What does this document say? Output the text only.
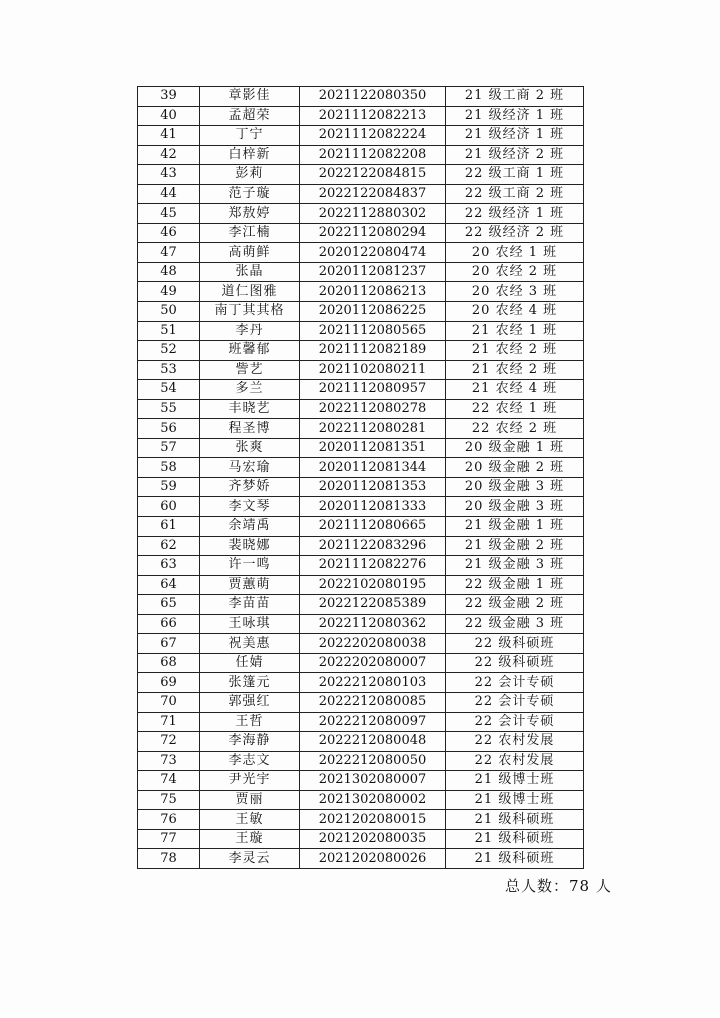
39	章影佳	2021122080350	21 级工商 2 班
40	孟超荣	2021112082213	21 级经济 1 班
41	丁宁	2021112082224	21 级经济 1 班
42	白梓新	2021112082208	21 级经济 2 班
43	彭莉	2022122084815	22 级工商 1 班
44	范子璇	2022122084837	22 级工商 2 班
45	郑敖婷	2022112880302	22 级经济 1 班
46	李江楠	2022112080294	22 级经济 2 班
47	高萌鲜	2020122080474	20 农经 1 班
48	张晶	2020112081237	20 农经 2 班
49	道仁图雅	2020112086213	20 农经 3 班
50	南丁其其格	2020112086225	20 农经 4 班
51	李丹	2021112080565	21 农经 1 班
52	班馨郁	2021112082189	21 农经 2 班
53	訾艺	2021102080211	21 农经 2 班
54	多兰	2021112080957	21 农经 4 班
55	丰晓艺	2022112080278	22 农经 1 班
56	程圣博	2022112080281	22 农经 2 班
57	张爽	2020112081351	20 级金融 1 班
58	马宏瑜	2020112081344	20 级金融 2 班
59	齐梦娇	2020112081353	20 级金融 3 班
60	李文琴	2020112081333	20 级金融 3 班
61	余靖禹	2021112080665	21 级金融 1 班
62	裴晓娜	2021122083296	21 级金融 2 班
63	许一鸣	2021112082276	21 级金融 3 班
64	贾蕙萌	2022102080195	22 级金融 1 班
65	李苗苗	2022122085389	22 级金融 2 班
66	王咏琪	2022112080362	22 级金融 3 班
67	祝美惠	2022202080038	22 级科硕班
68	任婧	2022202080007	22 级科硕班
69	张篷元	2022212080103	22 会计专硕
70	郭强红	2022212080085	22 会计专硕
71	王哲	2022212080097	22 会计专硕
72	李海静	2022212080048	22 农村发展
73	李志文	2022212080050	22 农村发展
74	尹光宇	2021302080007	21 级博士班
75	贾丽	2021302080002	21 级博士班
76	王敏	2021202080015	21 级科硕班
77	王璇	2021202080035	21 级科硕班
78	李灵云	2021202080026	21 级科硕班
总人数：78 人
